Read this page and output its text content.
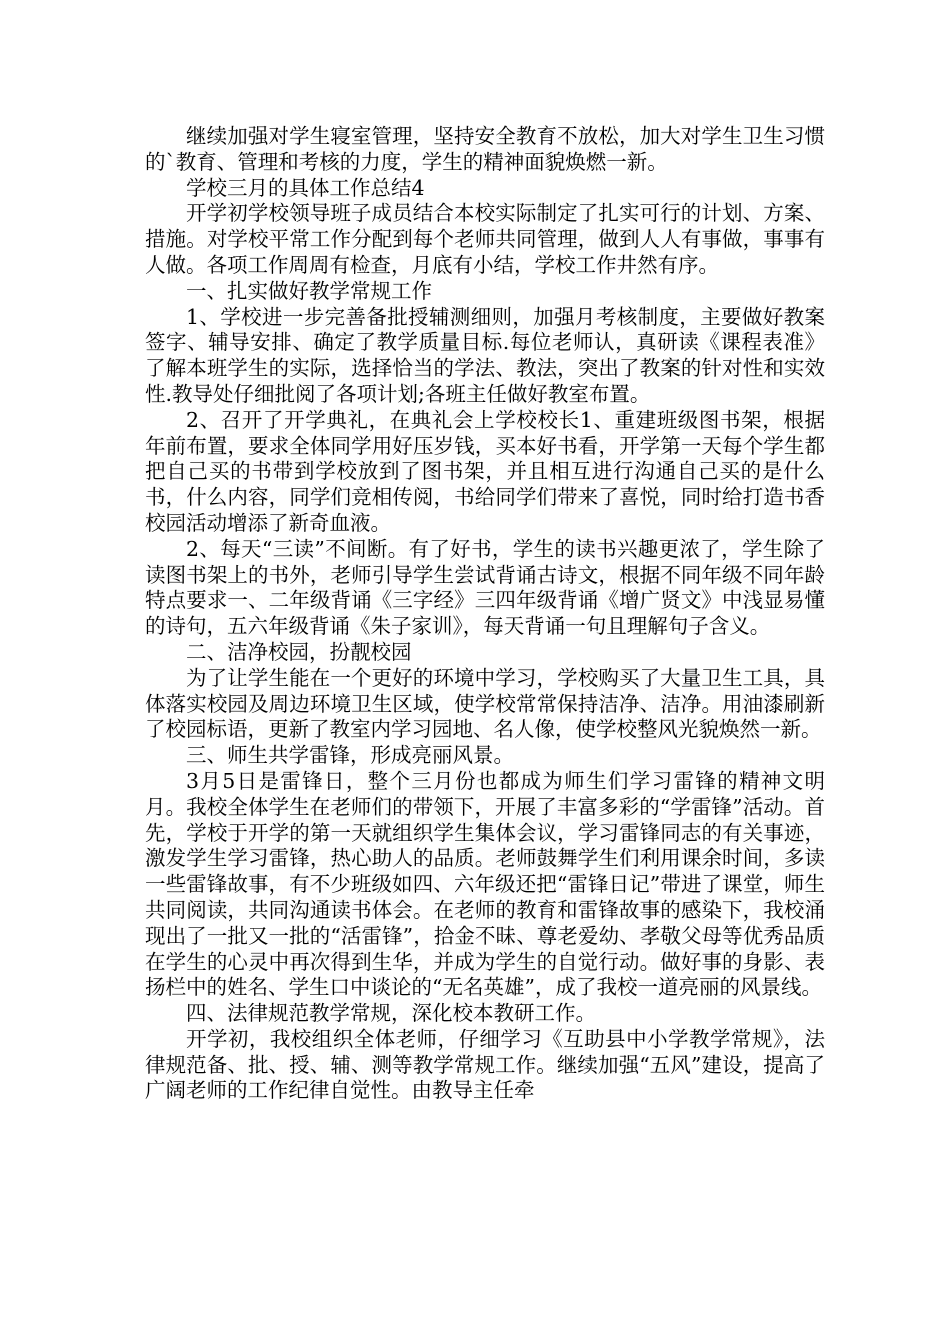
继续加强对学生寝室管理，坚持安全教育不放松，加大对学生卫生习惯的`教育、管理和考核的力度，学生的精神面貌焕燃一新。

学校三月的具体工作总结4

开学初学校领导班子成员结合本校实际制定了扎实可行的计划、方案、措施。对学校平常工作分配到每个老师共同管理，做到人人有事做，事事有人做。各项工作周周有检查，月底有小结，学校工作井然有序。

一、扎实做好教学常规工作

1、学校进一步完善备批授辅测细则，加强月考核制度，主要做好教案签字、辅导安排、确定了教学质量目标.每位老师认，真研读《课程表准》了解本班学生的实际，选择恰当的学法、教法，突出了教案的针对性和实效性.教导处仔细批阅了各项计划;各班主任做好教室布置。

2、召开了开学典礼，在典礼会上学校校长1、重建班级图书架，根据年前布置，要求全体同学用好压岁钱，买本好书看，开学第一天每个学生都把自己买的书带到学校放到了图书架，并且相互进行沟通自己买的是什么书，什么内容，同学们竞相传阅，书给同学们带来了喜悦，同时给打造书香校园活动增添了新奇血液。

2、每天“三读”不间断。有了好书，学生的读书兴趣更浓了，学生除了读图书架上的书外，老师引导学生尝试背诵古诗文，根据不同年级不同年龄特点要求一、二年级背诵《三字经》三四年级背诵《增广贤文》中浅显易懂的诗句，五六年级背诵《朱子家训》，每天背诵一句且理解句子含义。

二、洁净校园，扮靓校园

为了让学生能在一个更好的环境中学习，学校购买了大量卫生工具，具体落实校园及周边环境卫生区域，使学校常常保持洁净、洁净。用油漆刷新了校园标语，更新了教室内学习园地、名人像，使学校整风光貌焕然一新。

三、师生共学雷锋，形成亮丽风景。

3月5日是雷锋日，整个三月份也都成为师生们学习雷锋的精神文明月。我校全体学生在老师们的带领下，开展了丰富多彩的“学雷锋”活动。首先，学校于开学的第一天就组织学生集体会议，学习雷锋同志的有关事迹，激发学生学习雷锋，热心助人的品质。老师鼓舞学生们利用课余时间，多读一些雷锋故事，有不少班级如四、六年级还把“雷锋日记”带进了课堂，师生共同阅读，共同沟通读书体会。在老师的教育和雷锋故事的感染下，我校涌现出了一批又一批的“活雷锋”，拾金不昧、尊老爱幼、孝敬父母等优秀品质在学生的心灵中再次得到生华，并成为学生的自觉行动。做好事的身影、表扬栏中的姓名、学生口中谈论的“无名英雄”，成了我校一道亮丽的风景线。

四、法律规范教学常规，深化校本教研工作。

开学初，我校组织全体老师，仔细学习《互助县中小学教学常规》，法律规范备、批、授、辅、测等教学常规工作。继续加强“五风”建设，提高了广阔老师的工作纪律自觉性。由教导主任牵
